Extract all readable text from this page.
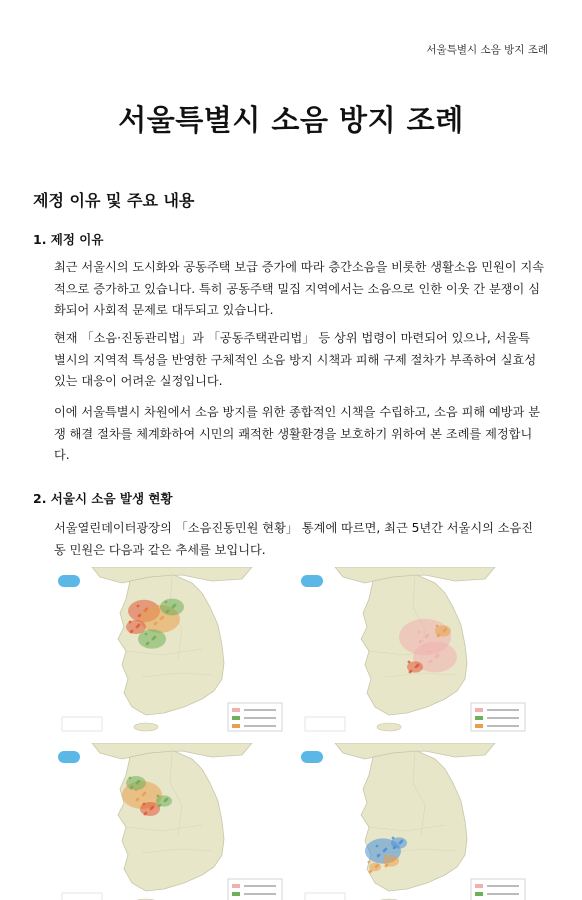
서울특별시 소음 방지 조례
서울특별시 소음 방지 조례
제정 이유 및 주요 내용
1. 제정 이유
최근 서울시의 도시화와 공동주택 보급 증가에 따라 층간소음을 비롯한 생활소음 민원이 지속
적으로 증가하고 있습니다. 특히 공동주택 밀집 지역에서는 소음으로 인한 이웃 간 분쟁이 심
화되어 사회적 문제로 대두되고 있습니다.
현재 「소음·진동관리법」과 「공동주택관리법」 등 상위 법령이 마련되어 있으나, 서울특
별시의 지역적 특성을 반영한 구체적인 소음 방지 시책과 피해 구제 절차가 부족하여 실효성
있는 대응이 어려운 실정입니다.
이에 서울특별시 차원에서 소음 방지를 위한 종합적인 시책을 수립하고, 소음 피해 예방과 분
쟁 해결 절차를 체계화하여 시민의 쾌적한 생활환경을 보호하기 위하여 본 조례를 제정합니
다.
2. 서울시 소음 발생 현황
서울열린데이터광장의 「소음진동민원 현황」 통계에 따르면, 최근 5년간 서울시의 소음진
동 민원은 다음과 같은 추세를 보입니다.
